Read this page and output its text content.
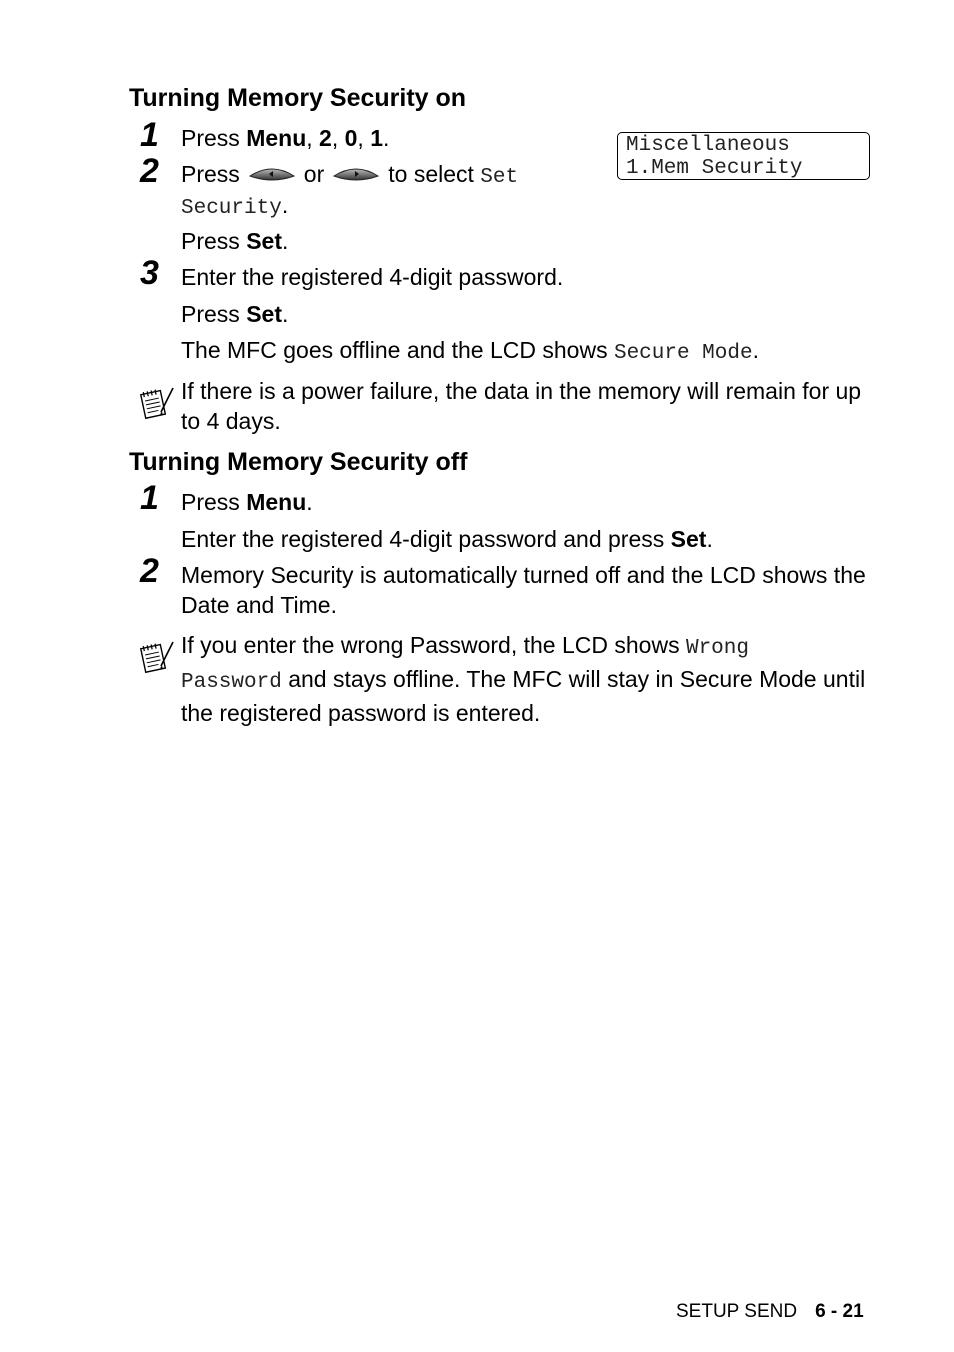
Turning Memory Security on
1 Press Menu, 2, 0, 1.	Miscellaneous
1.Mem Security
2 Press	or	to select Set
Security.
Press Set.
3 Enter the registered 4-digit password.
Press Set.
The MFC goes offline and the LCD shows Secure Mode.
If there is a power failure, the data in the memory will remain for up to 4 days.
Turning Memory Security off
1 Press Menu.
Enter the registered 4-digit password and press Set.
2 Memory Security is automatically turned off and the LCD shows the Date and Time.
If you enter the wrong Password, the LCD shows Wrong
Password and stays offline. The MFC will stay in Secure Mode until the registered password is entered.
SETUP SEND 6 - 21
